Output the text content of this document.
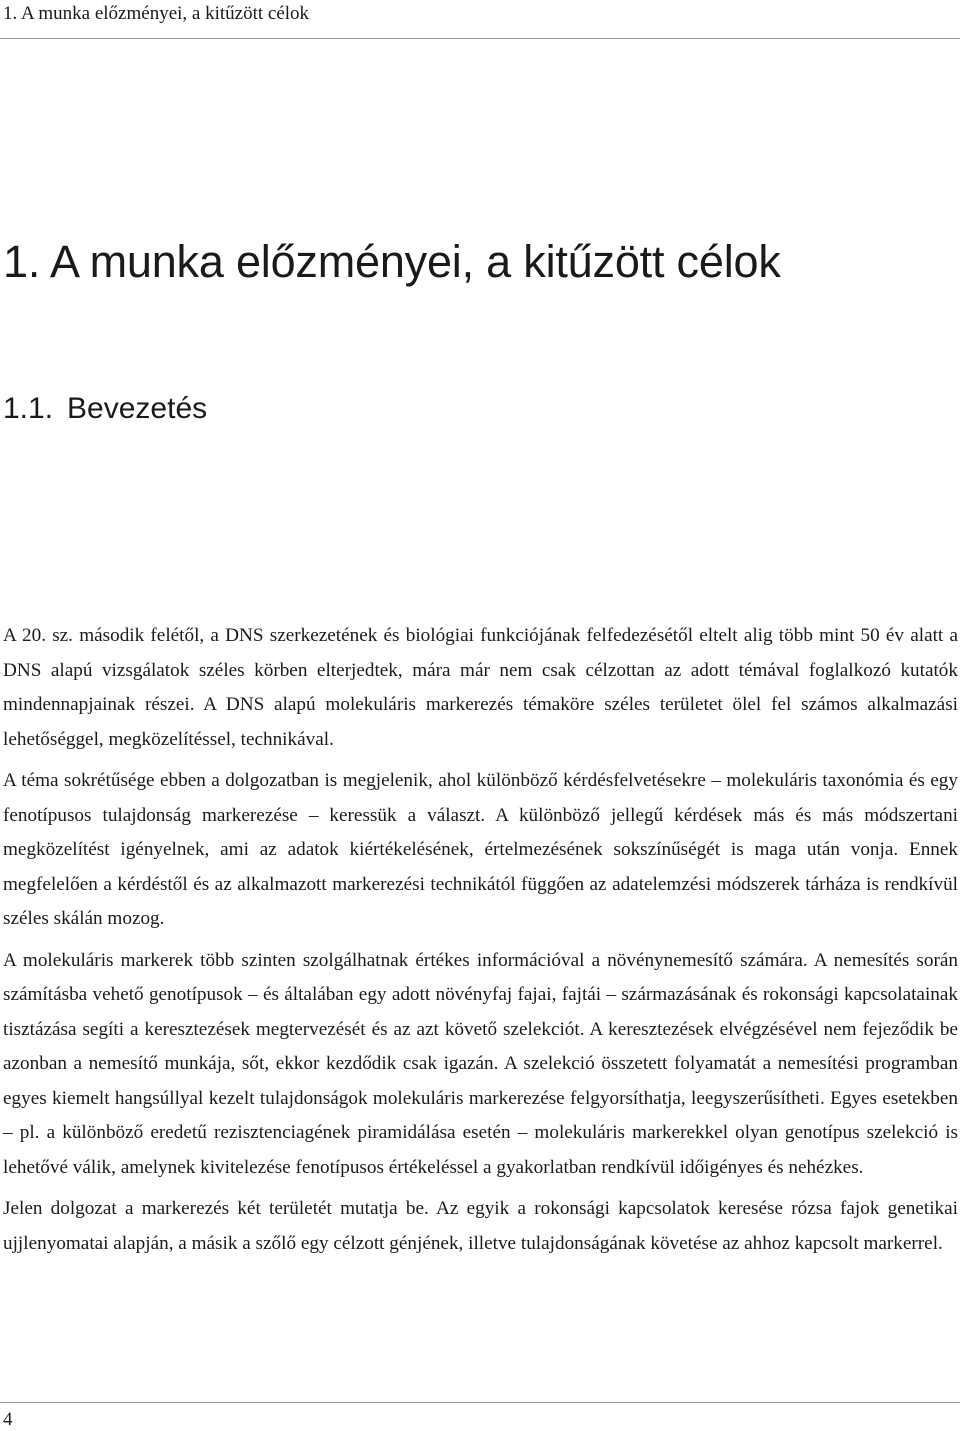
1. A munka előzményei, a kitűzött célok
1. A munka előzményei, a kitűzött célok
1.1. Bevezetés

A 20. sz. második felétől, a DNS szerkezetének és biológiai funkciójának felfedezésétől eltelt alig több mint 50 év alatt a DNS alapú vizsgálatok széles körben elterjedtek, mára már nem csak célzottan az adott témával foglalkozó kutatók mindennapjainak részei. A DNS alapú molekuláris markerezés témaköre széles területet ölel fel számos alkalmazási lehetőséggel, megközelítéssel, technikával.

A téma sokrétűsége ebben a dolgozatban is megjelenik, ahol különböző kérdésfelvetésekre – molekuláris taxonómia és egy fenotípusos tulajdonság markerezése – keressük a választ. A különböző jellegű kérdések más és más módszertani megközelítést igényelnek, ami az adatok kiértékelésének, értelmezésének sokszínűségét is maga után vonja. Ennek megfelelően a kérdéstől és az alkalmazott markerezési technikától függően az adatelemzési módszerek tárháza is rendkívül széles skálán mozog.

A molekuláris markerek több szinten szolgálhatnak értékes információval a növénynemesítő számára. A nemesítés során számításba vehető genotípusok – és általában egy adott növényfaj fajai, fajtái – származásának és rokonsági kapcsolatainak tisztázása segíti a keresztezések megtervezését és az azt követő szelekciót. A keresztezések elvégzésével nem fejeződik be azonban a nemesítő munkája, sőt, ekkor kezdődik csak igazán. A szelekció összetett folyamatát a nemesítési programban egyes kiemelt hangsúllyal kezelt tulajdonságok molekuláris markerezése felgyorsíthatja, leegyszerűsítheti. Egyes esetekben – pl. a különböző eredetű rezisztenciagének piramidálása esetén – molekuláris markerekkel olyan genotípus szelekció is lehetővé válik, amelynek kivitelezése fenotípusos értékeléssel a gyakorlatban rendkívül időigényes és nehézkes.

Jelen dolgozat a markerezés két területét mutatja be. Az egyik a rokonsági kapcsolatok keresése rózsa fajok genetikai ujjlenyomatai alapján, a másik a szőlő egy célzott génjének, illetve tulajdonságának követése az ahhoz kapcsolt markerrel.

4
